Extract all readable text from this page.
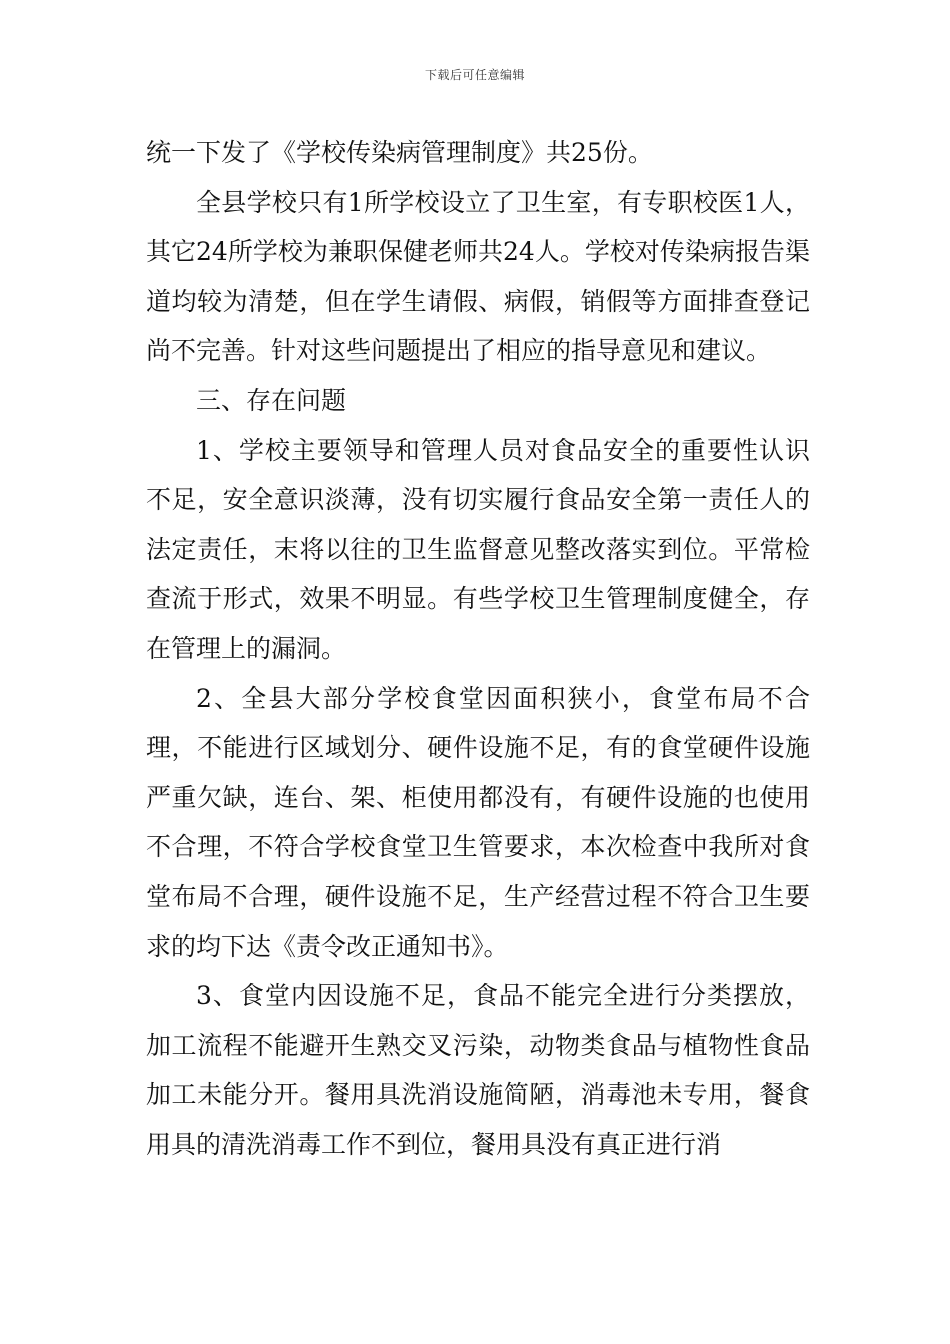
下载后可任意编辑

统一下发了《学校传染病管理制度》共25份。

全县学校只有1所学校设立了卫生室，有专职校医1人，其它24所学校为兼职保健老师共24人。学校对传染病报告渠道均较为清楚，但在学生请假、病假，销假等方面排查登记尚不完善。针对这些问题提出了相应的指导意见和建议。

三、存在问题

1、学校主要领导和管理人员对食品安全的重要性认识不足，安全意识淡薄，没有切实履行食品安全第一责任人的法定责任，末将以往的卫生监督意见整改落实到位。平常检查流于形式，效果不明显。有些学校卫生管理制度健全，存在管理上的漏洞。

2、全县大部分学校食堂因面积狭小，食堂布局不合理，不能进行区域划分、硬件设施不足，有的食堂硬件设施严重欠缺，连台、架、柜使用都没有，有硬件设施的也使用不合理，不符合学校食堂卫生管要求，本次检查中我所对食堂布局不合理，硬件设施不足，生产经营过程不符合卫生要求的均下达《责令改正通知书》。

3、食堂内因设施不足，食品不能完全进行分类摆放，加工流程不能避开生熟交叉污染，动物类食品与植物性食品加工未能分开。餐用具洗消设施简陋，消毒池未专用，餐食用具的清洗消毒工作不到位，餐用具没有真正进行消
